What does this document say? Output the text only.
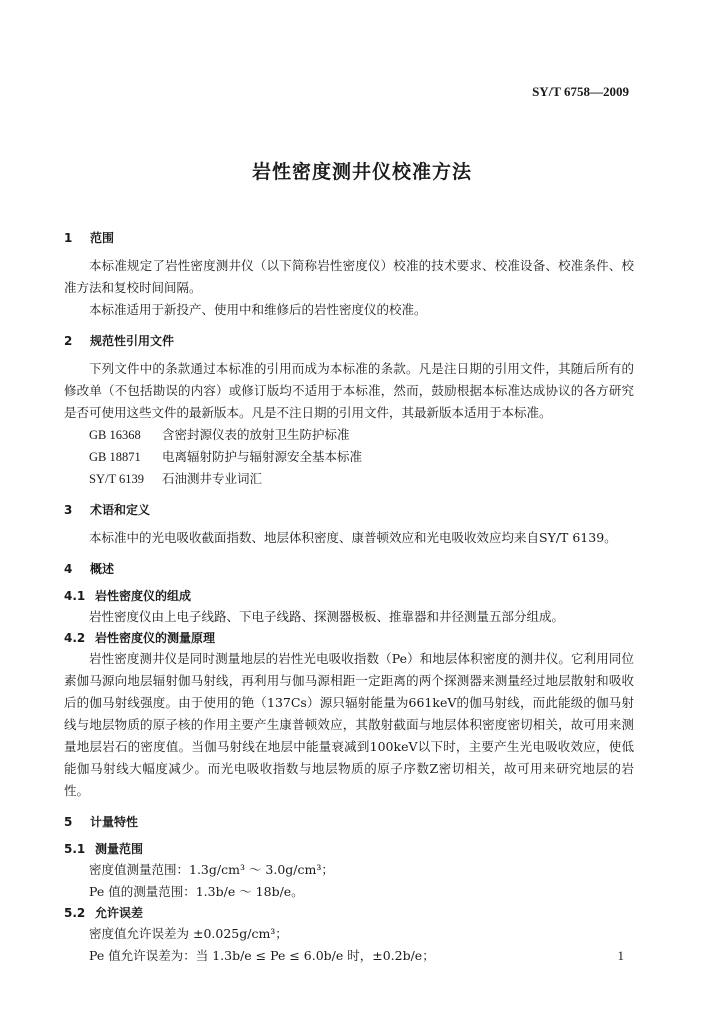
SY/T 6758—2009
岩性密度测井仪校准方法

1 范围

本标准规定了岩性密度测井仪（以下简称岩性密度仪）校准的技术要求、校准设备、校准条件、校准方法和复校时间间隔。

本标准适用于新投产、使用中和维修后的岩性密度仪的校准。

2 规范性引用文件

下列文件中的条款通过本标准的引用而成为本标准的条款。凡是注日期的引用文件，其随后所有的修改单（不包括勘误的内容）或修订版均不适用于本标准，然而，鼓励根据本标准达成协议的各方研究是否可使用这些文件的最新版本。凡是不注日期的引用文件，其最新版本适用于本标准。

GB 16368 含密封源仪表的放射卫生防护标准

GB 18871 电离辐射防护与辐射源安全基本标准

SY/T 6139 石油测井专业词汇

3 术语和定义

本标准中的光电吸收截面指数、地层体积密度、康普顿效应和光电吸收效应均来自SY/T 6139。

4 概述

4.1 岩性密度仪的组成

岩性密度仪由上电子线路、下电子线路、探测器极板、推靠器和井径测量五部分组成。

4.2 岩性密度仪的测量原理

岩性密度测井仪是同时测量地层的岩性光电吸收指数（Pe）和地层体积密度的测井仪。它利用同位素伽马源向地层辐射伽马射线，再利用与伽马源相距一定距离的两个探测器来测量经过地层散射和吸收后的伽马射线强度。由于使用的铯（137Cs）源只辐射能量为661keV的伽马射线，而此能级的伽马射线与地层物质的原子核的作用主要产生康普顿效应，其散射截面与地层体积密度密切相关，故可用来测量地层岩石的密度值。当伽马射线在地层中能量衰减到100keV以下时，主要产生光电吸收效应，使低能伽马射线大幅度减少。而光电吸收指数与地层物质的原子序数Z密切相关，故可用来研究地层的岩性。

5 计量特性

5.1 测量范围

密度值测量范围：1.3g/cm³ ～ 3.0g/cm³；

Pe 值的测量范围：1.3b/e ～ 18b/e。

5.2 允许误差

密度值允许误差为 ±0.025g/cm³；

Pe 值允许误差为：当 1.3b/e ≤ Pe ≤ 6.0b/e 时，±0.2b/e；	1
